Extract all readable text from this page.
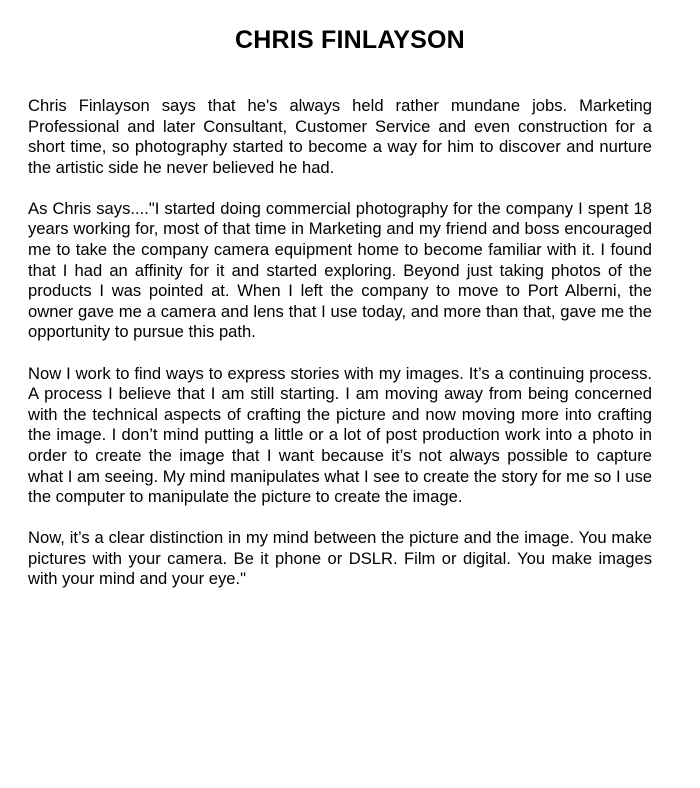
CHRIS FINLAYSON

Chris Finlayson says that he's always held rather mundane jobs. Marketing Professional and later Consultant, Customer Service and even construction for a short time, so photography started to become a way for him to discover and nurture the artistic side he never believed he had.

As Chris says...."I started doing commercial photography for the company I spent 18 years working for, most of that time in Marketing and my friend and boss encouraged me to take the company camera equipment home to become familiar with it. I found that I had an affinity for it and started exploring. Beyond just taking photos of the products I was pointed at. When I left the company to move to Port Alberni, the owner gave me a camera and lens that I use today, and more than that, gave me the opportunity to pursue this path.

Now I work to find ways to express stories with my images. It’s a continuing process. A process I believe that I am still starting. I am moving away from being concerned with the technical aspects of crafting the picture and now moving more into crafting the image. I don’t mind putting a little or a lot of post production work into a photo in order to create the image that I want because it’s not always possible to capture what I am seeing. My mind manipulates what I see to create the story for me so I use the computer to manipulate the picture to create the image.

Now, it’s a clear distinction in my mind between the picture and the image. You make pictures with your camera. Be it phone or DSLR. Film or digital. You make images with your mind and your eye."
